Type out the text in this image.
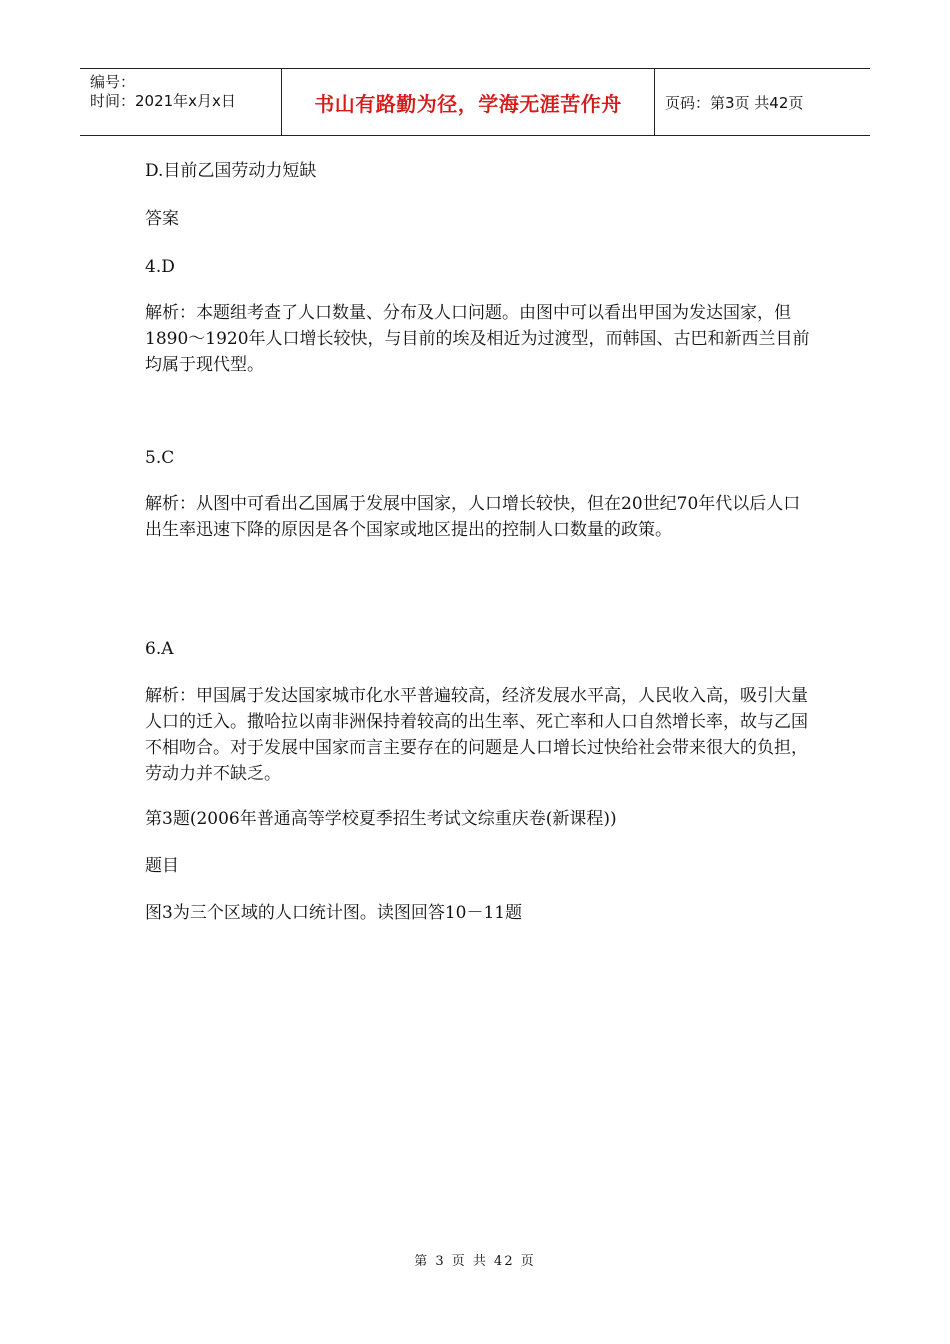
编号：
时间：2021年x月x日	书山有路勤为径，学海无涯苦作舟	页码：第3页 共42页

D.目前乙国劳动力短缺

答案

4.D

解析：本题组考查了人口数量、分布及人口问题。由图中可以看出甲国为发达国家，但1890～1920年人口增长较快，与目前的埃及相近为过渡型，而韩国、古巴和新西兰目前均属于现代型。

5.C

解析：从图中可看出乙国属于发展中国家，人口增长较快，但在20世纪70年代以后人口出生率迅速下降的原因是各个国家或地区提出的控制人口数量的政策。

6.A

解析：甲国属于发达国家城市化水平普遍较高，经济发展水平高，人民收入高，吸引大量人口的迁入。撒哈拉以南非洲保持着较高的出生率、死亡率和人口自然增长率，故与乙国不相吻合。对于发展中国家而言主要存在的问题是人口增长过快给社会带来很大的负担，劳动力并不缺乏。

第3题(2006年普通高等学校夏季招生考试文综重庆卷(新课程))

题目

图3为三个区域的人口统计图。读图回答10－11题

第 3 页 共 42 页
